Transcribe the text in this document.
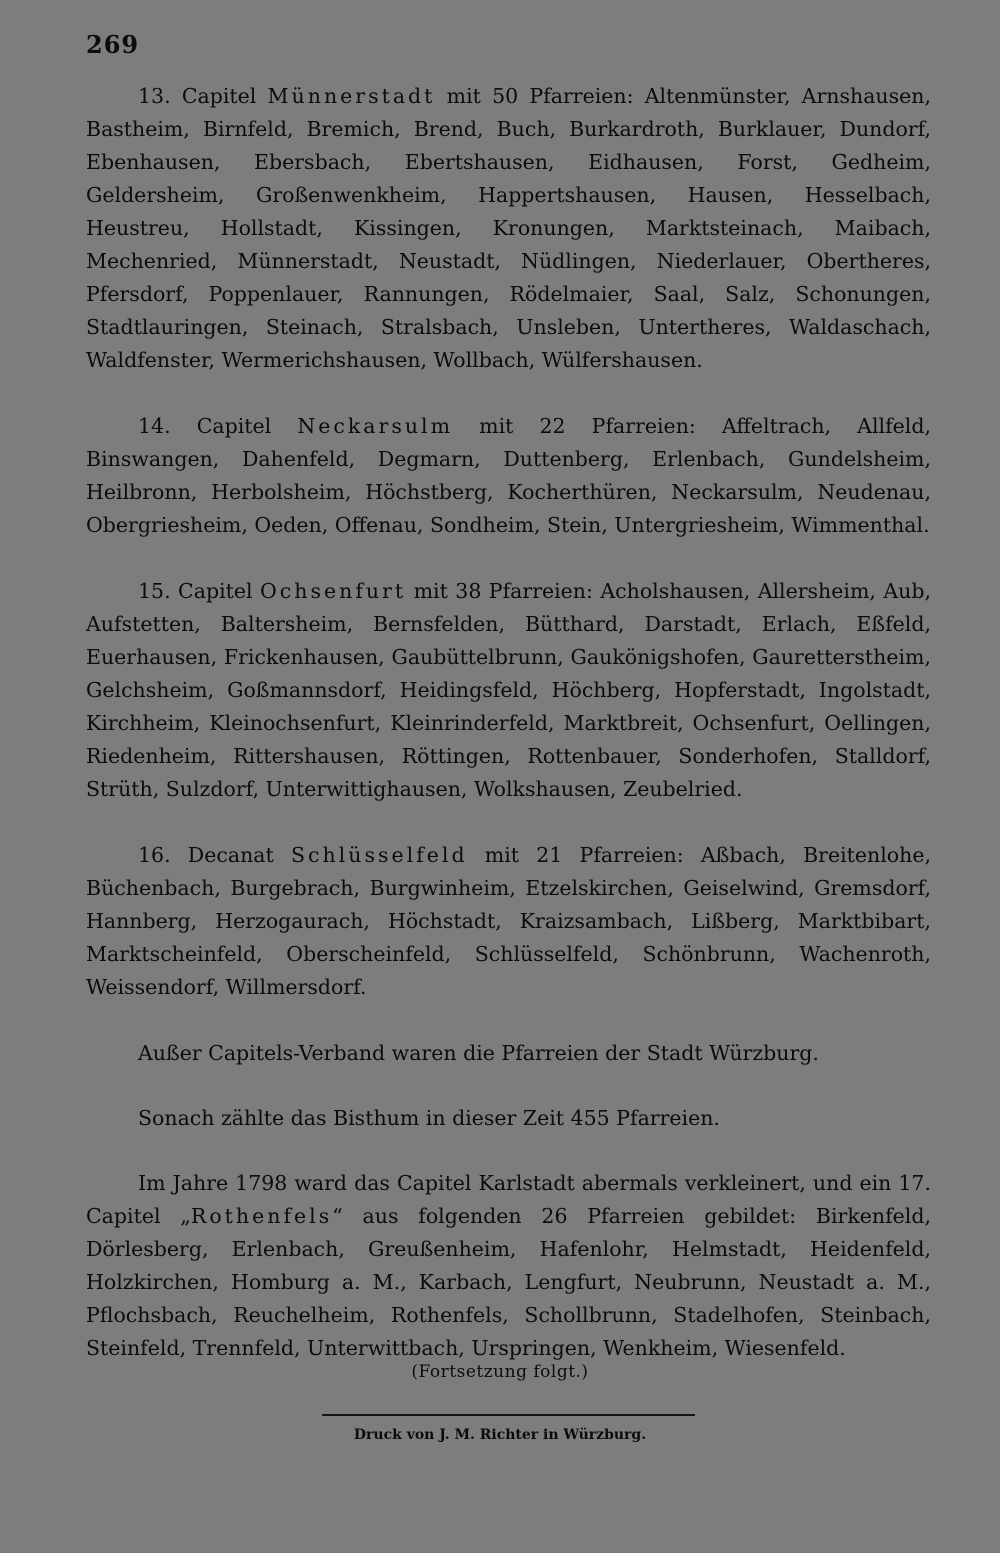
269

13. Capitel Münnerstadt mit 50 Pfarreien: Altenmünster, Arnshausen, Bastheim, Birnfeld, Bremich, Brend, Buch, Burkardroth, Burklauer, Dundorf, Ebenhausen, Ebersbach, Ebertshausen, Eidhausen, Forst, Gedheim, Geldersheim, Großenwenkheim, Happertshausen, Hausen, Hesselbach, Heustreu, Hollstadt, Kissingen, Kronungen, Marktsteinach, Maibach, Mechenried, Münnerstadt, Neustadt, Nüdlingen, Niederlauer, Obertheres, Pfersdorf, Poppenlauer, Rannungen, Rödelmaier, Saal, Salz, Schonungen, Stadtlauringen, Steinach, Stralsbach, Unsleben, Untertheres, Waldaschach, Waldfenster, Wermerichshausen, Wollbach, Wülfershausen.

14. Capitel Neckarsulm mit 22 Pfarreien: Affeltrach, Allfeld, Binswangen, Dahenfeld, Degmarn, Duttenberg, Erlenbach, Gundelsheim, Heilbronn, Herbolsheim, Höchstberg, Kocherthüren, Neckarsulm, Neudenau, Obergriesheim, Oeden, Offenau, Sondheim, Stein, Untergriesheim, Wimmenthal.

15. Capitel Ochsenfurt mit 38 Pfarreien: Acholshausen, Allersheim, Aub, Aufstetten, Baltersheim, Bernsfelden, Bütthard, Darstadt, Erlach, Eßfeld, Euerhausen, Frickenhausen, Gaubüttelbrunn, Gaukönigshofen, Gauretterstheim, Gelchsheim, Goßmannsdorf, Heidingsfeld, Höchberg, Hopferstadt, Ingolstadt, Kirchheim, Kleinochsenfurt, Kleinrinderfeld, Marktbreit, Ochsenfurt, Oellingen, Riedenheim, Rittershausen, Röttingen, Rottenbauer, Sonderhofen, Stalldorf, Strüth, Sulzdorf, Unterwittighausen, Wolkshausen, Zeubelried.

16. Decanat Schlüsselfeld mit 21 Pfarreien: Aßbach, Breitenlohe, Büchenbach, Burgebrach, Burgwinheim, Etzelskirchen, Geiselwind, Gremsdorf, Hannberg, Herzogaurach, Höchstadt, Kraizsambach, Lißberg, Marktbibart, Marktscheinfeld, Oberscheinfeld, Schlüsselfeld, Schönbrunn, Wachenroth, Weissendorf, Willmersdorf.

Außer Capitels-Verband waren die Pfarreien der Stadt Würzburg.

Sonach zählte das Bisthum in dieser Zeit 455 Pfarreien.

Im Jahre 1798 ward das Capitel Karlstadt abermals verkleinert, und ein 17. Capitel „Rothenfels“ aus folgenden 26 Pfarreien gebildet: Birkenfeld, Dörlesberg, Erlenbach, Greußenheim, Hafenlohr, Helmstadt, Heidenfeld, Holzkirchen, Homburg a. M., Karbach, Lengfurt, Neubrunn, Neustadt a. M., Pflochsbach, Reuchelheim, Rothenfels, Schollbrunn, Stadelhofen, Steinbach, Steinfeld, Trennfeld, Unterwittbach, Urspringen, Wenkheim, Wiesenfeld.

(Fortsetzung folgt.)
Druck von J. M. Richter in Würzburg.
